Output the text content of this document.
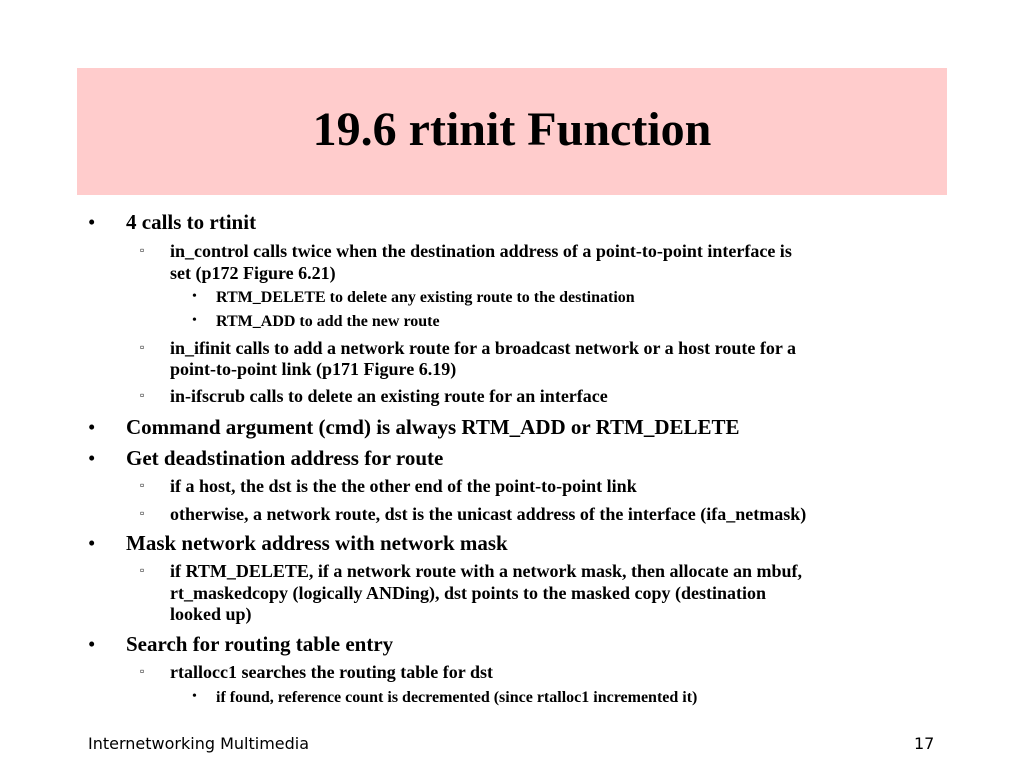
19.6 rtinit Function
• 4 calls to rtinit
▫ in_control calls twice when the destination address of a point-to-point interface is
set (p172 Figure 6.21)
• RTM_DELETE to delete any existing route to the destination
• RTM_ADD to add the new route
▫ in_ifinit calls to add a network route for a broadcast network or a host route for a
point-to-point link (p171 Figure 6.19)
▫ in-ifscrub calls to delete an existing route for an interface
• Command argument (cmd) is always RTM_ADD or RTM_DELETE
• Get deadstination address for route
▫ if a host, the dst is the the other end of the point-to-point link
▫ otherwise, a network route, dst is the unicast address of the interface (ifa_netmask)
• Mask network address with network mask
▫ if RTM_DELETE, if a network route with a network mask, then allocate an mbuf,
rt_maskedcopy (logically ANDing), dst points to the masked copy (destination
looked up)
• Search for routing table entry
▫ rtallocc1 searches the routing table for dst
• if found, reference count is decremented (since rtalloc1 incremented it)
Internetworking Multimedia	17
